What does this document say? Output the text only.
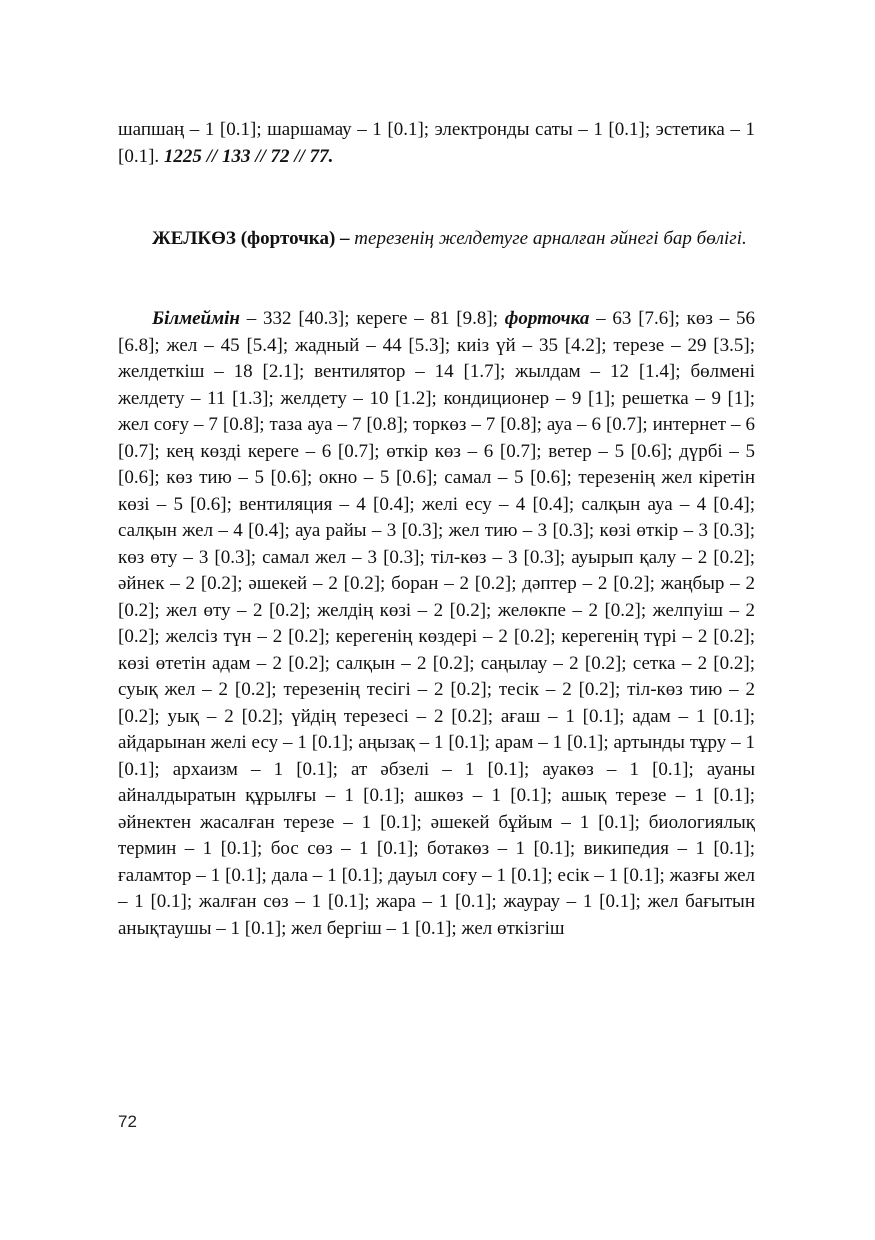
шапшаң – 1 [0.1]; шаршамау – 1 [0.1]; электронды саты – 1 [0.1]; эстетика – 1 [0.1]. 1225 // 133 // 72 // 77.
ЖЕЛКӨЗ (форточка) – терезенің желдетуге арналған әйнегі бар бөлігі.
Білмеймін – 332 [40.3]; кереге – 81 [9.8]; форточка – 63 [7.6]; көз – 56 [6.8]; жел – 45 [5.4]; жадный – 44 [5.3]; киіз үй – 35 [4.2]; терезе – 29 [3.5]; желдеткіш – 18 [2.1]; вентилятор – 14 [1.7]; жылдам – 12 [1.4]; бөлмені желдету – 11 [1.3]; желдету – 10 [1.2]; кондиционер – 9 [1]; решетка – 9 [1]; жел соғу – 7 [0.8]; таза ауа – 7 [0.8]; торкөз – 7 [0.8]; ауа – 6 [0.7]; интернет – 6 [0.7]; кең көзді кереге – 6 [0.7]; өткір көз – 6 [0.7]; ветер – 5 [0.6]; дүрбі – 5 [0.6]; көз тию – 5 [0.6]; окно – 5 [0.6]; самал – 5 [0.6]; терезенің жел кіретін көзі – 5 [0.6]; вентиляция – 4 [0.4]; желі есу – 4 [0.4]; салқын ауа – 4 [0.4]; салқын жел – 4 [0.4]; ауа райы – 3 [0.3]; жел тию – 3 [0.3]; көзі өткір – 3 [0.3]; көз өту – 3 [0.3]; самал жел – 3 [0.3]; тіл-көз – 3 [0.3]; ауырып қалу – 2 [0.2]; әйнек – 2 [0.2]; әшекей – 2 [0.2]; боран – 2 [0.2]; дәптер – 2 [0.2]; жаңбыр – 2 [0.2]; жел өту – 2 [0.2]; желдің көзі – 2 [0.2]; желөкпе – 2 [0.2]; желпуіш – 2 [0.2]; желсіз түн – 2 [0.2]; керегенің көздері – 2 [0.2]; керегенің түрі – 2 [0.2]; көзі өтетін адам – 2 [0.2]; салқын – 2 [0.2]; саңылау – 2 [0.2]; сетка – 2 [0.2]; суық жел – 2 [0.2]; терезенің тесігі – 2 [0.2]; тесік – 2 [0.2]; тіл-көз тию – 2 [0.2]; уық – 2 [0.2]; үйдің терезесі – 2 [0.2]; ағаш – 1 [0.1]; адам – 1 [0.1]; айдарынан желі есу – 1 [0.1]; аңызақ – 1 [0.1]; арам – 1 [0.1]; артынды тұру – 1 [0.1]; архаизм – 1 [0.1]; ат әбзелі – 1 [0.1]; ауакөз – 1 [0.1]; ауаны айналдыратын құрылғы – 1 [0.1]; ашкөз – 1 [0.1]; ашық терезе – 1 [0.1]; әйнектен жасалған терезе – 1 [0.1]; әшекей бұйым – 1 [0.1]; биологиялық термин – 1 [0.1]; бос сөз – 1 [0.1]; ботакөз – 1 [0.1]; википедия – 1 [0.1]; ғаламтор – 1 [0.1]; дала – 1 [0.1]; дауыл соғу – 1 [0.1]; есік – 1 [0.1]; жазғы жел – 1 [0.1]; жалған сөз – 1 [0.1]; жара – 1 [0.1]; жаурау – 1 [0.1]; жел бағытын анықтаушы – 1 [0.1]; жел бергіш – 1 [0.1]; жел өткізгіш
72
